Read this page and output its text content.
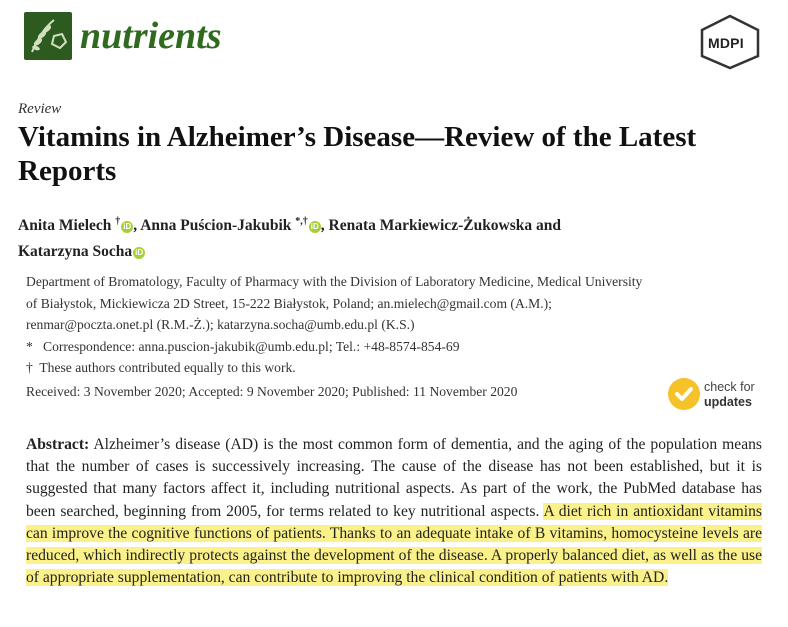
nutrients	MDPI
Review
Vitamins in Alzheimer’s Disease—Review of the Latest Reports
Anita Mielech † iD , Anna Puścion-Jakubik *,† iD , Renata Markiewicz-Żukowska and
Katarzyna Socha iD
Department of Bromatology, Faculty of Pharmacy with the Division of Laboratory Medicine, Medical University
of Białystok, Mickiewicza 2D Street, 15-222 Białystok, Poland; an.mielech@gmail.com (A.M.);
renmar@poczta.onet.pl (R.M.-Ż.); katarzyna.socha@umb.edu.pl (K.S.)
* Correspondence: anna.puscion-jakubik@umb.edu.pl; Tel.: +48-8574-854-69
† These authors contributed equally to this work.
Received: 3 November 2020; Accepted: 9 November 2020; Published: 11 November 2020	check for
updates
Abstract: Alzheimer’s disease (AD) is the most common form of dementia, and the aging of the population means that the number of cases is successively increasing. The cause of the disease has not been established, but it is suggested that many factors affect it, including nutritional aspects. As part of the work, the PubMed database has been searched, beginning from 2005, for terms related to key nutritional aspects. A diet rich in antioxidant vitamins can improve the cognitive functions of patients. Thanks to an adequate intake of B vitamins, homocysteine levels are reduced, which indirectly protects against the development of the disease. A properly balanced diet, as well as the use of appropriate supplementation, can contribute to improving the clinical condition of patients with AD.
